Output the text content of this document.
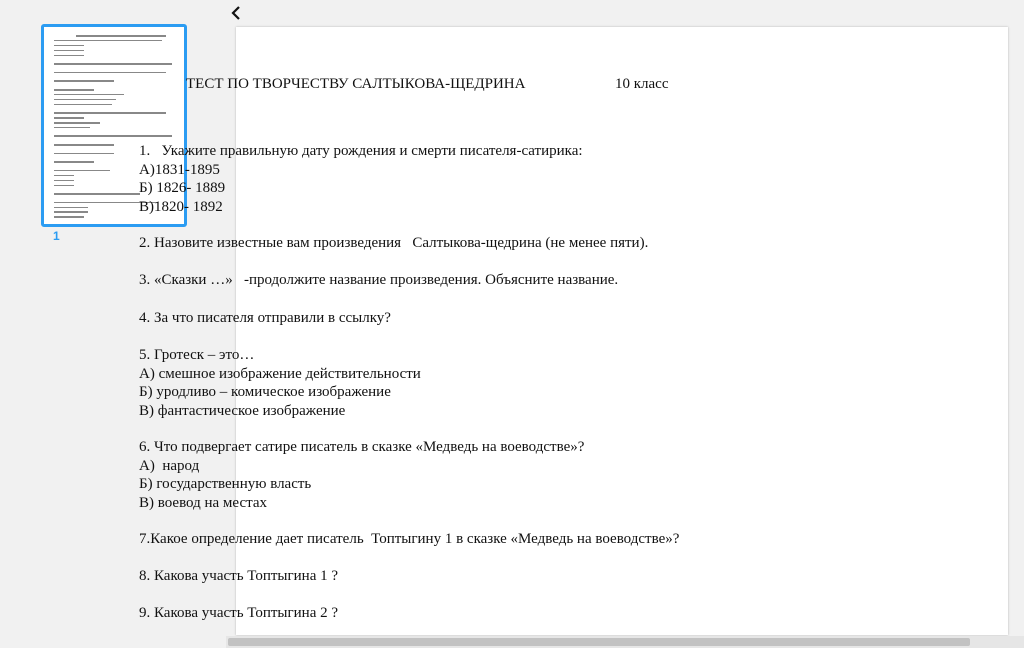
1
ТЕСТ ПО ТВОРЧЕСТВУ САЛТЫКОВА-ЩЕДРИНА	10 класс
1.   Укажите правильную дату рождения и смерти писателя-сатирика:
А)1831-1895
Б) 1826- 1889
В)1820- 1892
2. Назовите известные вам произведения   Салтыкова-щедрина (не менее пяти).
3. «Сказки …»   -продолжите название произведения. Объясните название.
4. За что писателя отправили в ссылку?
5. Гротеск – это…
А) смешное изображение действительности
Б) уродливо – комическое изображение
В) фантастическое изображение
6. Что подвергает сатире писатель в сказке «Медведь на воеводстве»?
А)  народ
Б) государственную власть
В) воевод на местах
7.Какое определение дает писатель  Топтыгину 1 в сказке «Медведь на воеводстве»?
8. Какова участь Топтыгина 1 ?
9. Какова участь Топтыгина 2 ?
